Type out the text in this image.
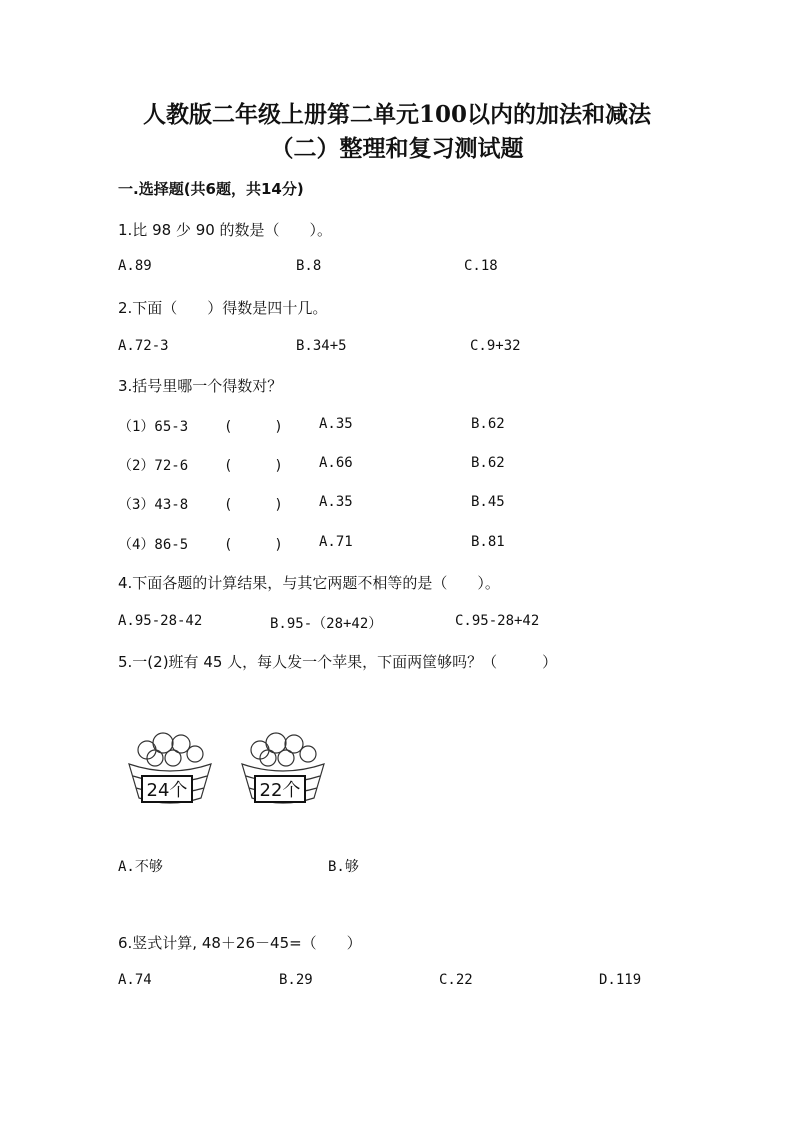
人教版二年级上册第二单元100以内的加法和减法
（二）整理和复习测试题
一.选择题(共6题，共14分)
1.比 98 少 90 的数是（　　）。
A.89	B.8	C.18
2.下面（　　）得数是四十几。
A.72-3	B.34+5	C.9+32
3.括号里哪一个得数对？
（1）65-3	(　　　)	A.35	B.62
（2）72-6	(　　　)	A.66	B.62
（3）43-8	(　　　)	A.35	B.45
（4）86-5	(　　　)	A.71	B.81
4.下面各题的计算结果，与其它两题不相等的是（　　）。
A.95-28-42	B.95-（28+42）	C.95-28+42
5.一(2)班有 45 人，每人发一个苹果，下面两筐够吗？（　　　）
24个	22个
A.不够	B.够
6.竖式计算, 48＋26－45=（　　）
A.74	B.29	C.22	D.119
